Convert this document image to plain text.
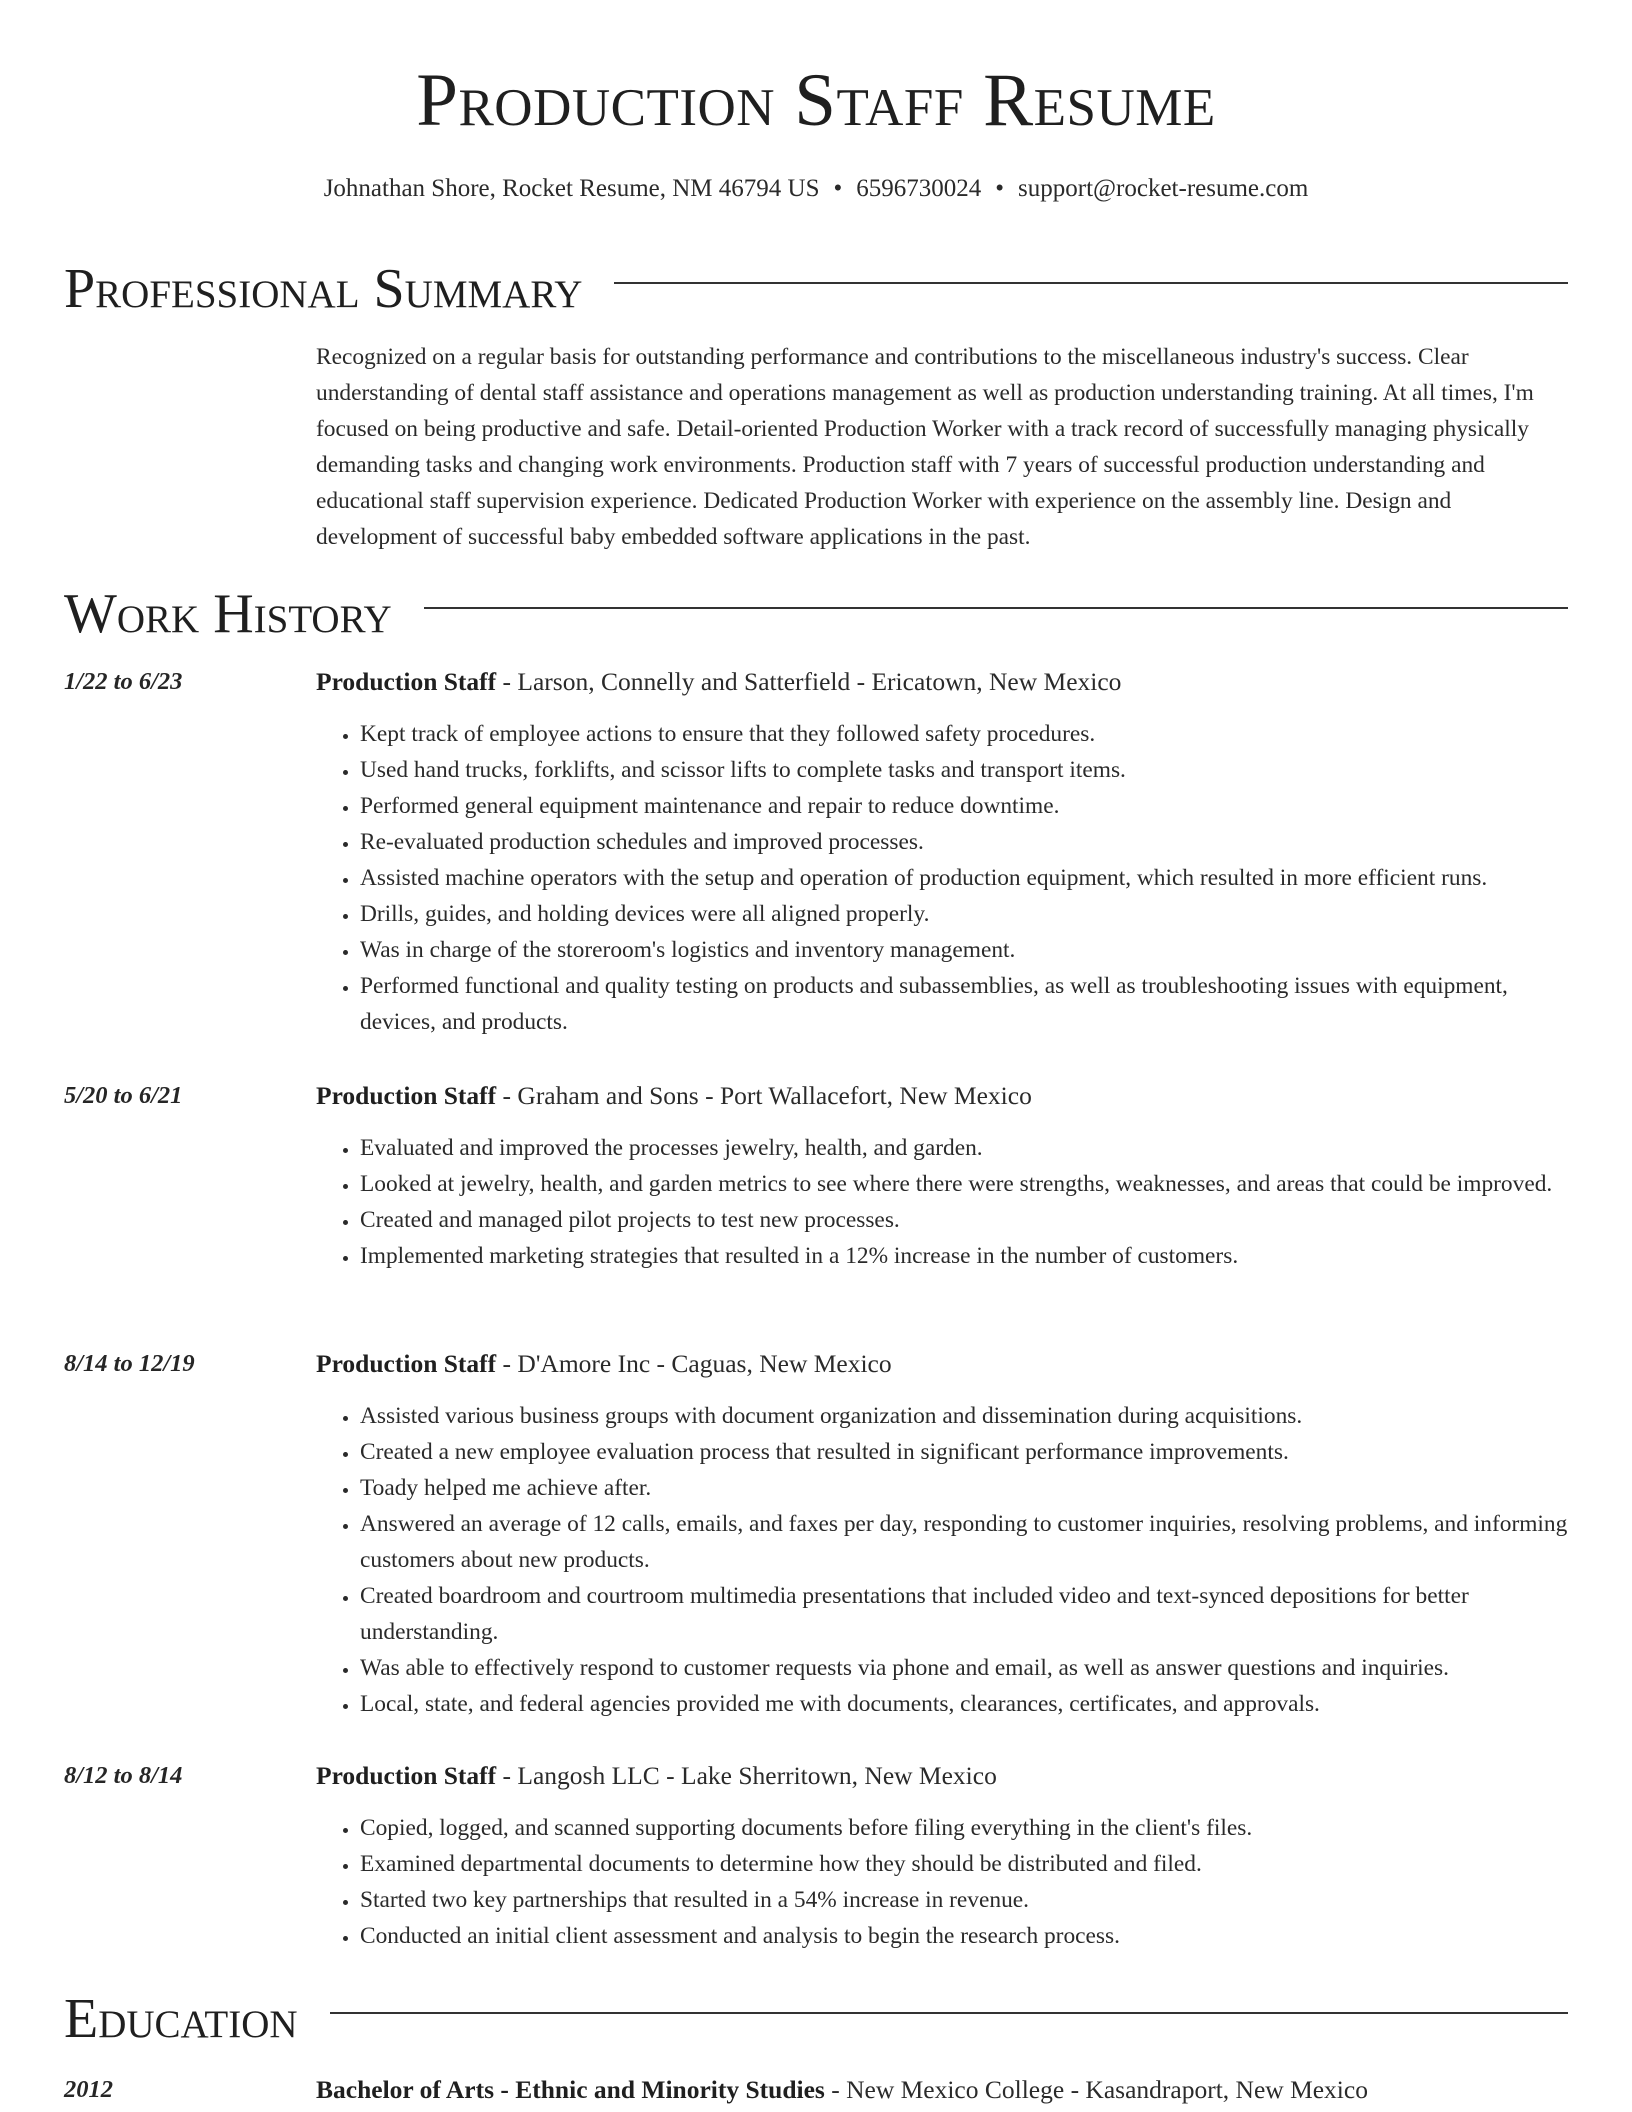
Production Staff Resume
Johnathan Shore, Rocket Resume, NM 46794 US • 6596730024 • support@rocket-resume.com
Professional Summary

Recognized on a regular basis for outstanding performance and contributions to the miscellaneous industry's success. Clear understanding of dental staff assistance and operations management as well as production understanding training. At all times, I'm focused on being productive and safe. Detail-oriented Production Worker with a track record of successfully managing physically demanding tasks and changing work environments. Production staff with 7 years of successful production understanding and educational staff supervision experience. Dedicated Production Worker with experience on the assembly line. Design and development of successful baby embedded software applications in the past.

Work History
1/22 to 6/23	Production Staff - Larson, Connelly and Satterfield - Ericatown, New Mexico
• Kept track of employee actions to ensure that they followed safety procedures.
• Used hand trucks, forklifts, and scissor lifts to complete tasks and transport items.
• Performed general equipment maintenance and repair to reduce downtime.
• Re-evaluated production schedules and improved processes.
• Assisted machine operators with the setup and operation of production equipment, which resulted in more efficient runs.
• Drills, guides, and holding devices were all aligned properly.
• Was in charge of the storeroom's logistics and inventory management.
• Performed functional and quality testing on products and subassemblies, as well as troubleshooting issues with equipment, devices, and products.
5/20 to 6/21	Production Staff - Graham and Sons - Port Wallacefort, New Mexico
• Evaluated and improved the processes jewelry, health, and garden.
• Looked at jewelry, health, and garden metrics to see where there were strengths, weaknesses, and areas that could be improved.
• Created and managed pilot projects to test new processes.
• Implemented marketing strategies that resulted in a 12% increase in the number of customers.
8/14 to 12/19	Production Staff - D'Amore Inc - Caguas, New Mexico
• Assisted various business groups with document organization and dissemination during acquisitions.
• Created a new employee evaluation process that resulted in significant performance improvements.
• Toady helped me achieve after.
• Answered an average of 12 calls, emails, and faxes per day, responding to customer inquiries, resolving problems, and informing customers about new products.
• Created boardroom and courtroom multimedia presentations that included video and text-synced depositions for better understanding.
• Was able to effectively respond to customer requests via phone and email, as well as answer questions and inquiries.
• Local, state, and federal agencies provided me with documents, clearances, certificates, and approvals.
8/12 to 8/14	Production Staff - Langosh LLC - Lake Sherritown, New Mexico
• Copied, logged, and scanned supporting documents before filing everything in the client's files.
• Examined departmental documents to determine how they should be distributed and filed.
• Started two key partnerships that resulted in a 54% increase in revenue.
• Conducted an initial client assessment and analysis to begin the research process.
Education
2012	Bachelor of Arts - Ethnic and Minority Studies - New Mexico College - Kasandraport, New Mexico
